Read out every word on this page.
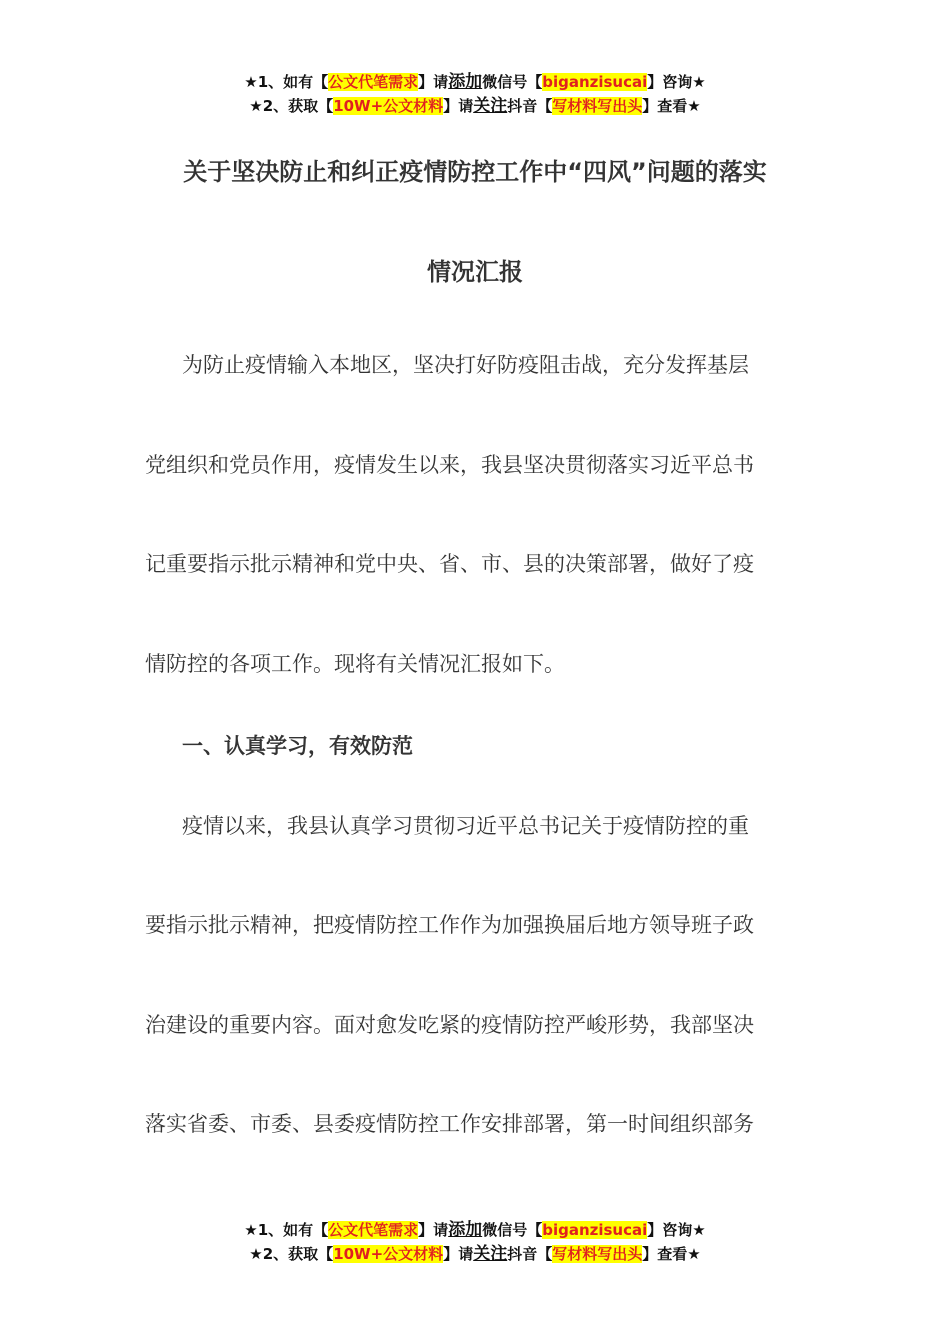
★1、如有【公文代笔需求】请添加微信号【biganzisucai】咨询★
★2、获取【10W+公文材料】请关注抖音【写材料写出头】查看★
关于坚决防止和纠正疫情防控工作中“四风”问题的落实
情况汇报
为防止疫情输入本地区，坚决打好防疫阻击战，充分发挥基层
党组织和党员作用，疫情发生以来，我县坚决贯彻落实习近平总书
记重要指示批示精神和党中央、省、市、县的决策部署，做好了疫
情防控的各项工作。现将有关情况汇报如下。
一、认真学习，有效防范
疫情以来，我县认真学习贯彻习近平总书记关于疫情防控的重
要指示批示精神，把疫情防控工作作为加强换届后地方领导班子政
治建设的重要内容。面对愈发吃紧的疫情防控严峻形势，我部坚决
落实省委、市委、县委疫情防控工作安排部署，第一时间组织部务
★1、如有【公文代笔需求】请添加微信号【biganzisucai】咨询★
★2、获取【10W+公文材料】请关注抖音【写材料写出头】查看★
